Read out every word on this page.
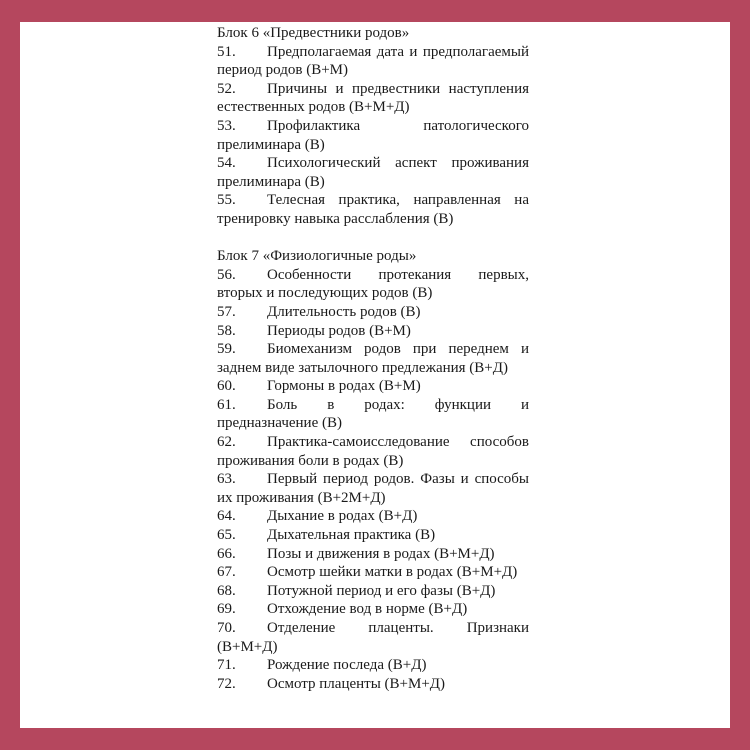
Блок 6 «Предвестники родов»
51. Предполагаемая дата и предполагаемый период родов (В+М)
52. Причины и предвестники наступления естественных родов (В+М+Д)
53. Профилактика патологического прелиминара (В)
54. Психологический аспект проживания прелиминара (В)
55. Телесная практика, направленная на тренировку навыка расслабления (В)
Блок 7 «Физиологичные роды»
56. Особенности протекания первых, вторых и последующих родов (В)
57. Длительность родов (В)
58. Периоды родов (В+М)
59. Биомеханизм родов при переднем и заднем виде затылочного предлежания (В+Д)
60. Гормоны в родах (В+М)
61. Боль в родах: функции и предназначение (В)
62. Практика-самоисследование способов проживания боли в родах (В)
63. Первый период родов. Фазы и способы их проживания (В+2М+Д)
64. Дыхание в родах (В+Д)
65. Дыхательная практика (В)
66. Позы и движения в родах (В+М+Д)
67. Осмотр шейки матки в родах (В+М+Д)
68. Потужной период и его фазы (В+Д)
69. Отхождение вод в норме (В+Д)
70. Отделение плаценты. Признаки (В+М+Д)
71. Рождение последа (В+Д)
72. Осмотр плаценты (В+М+Д)
